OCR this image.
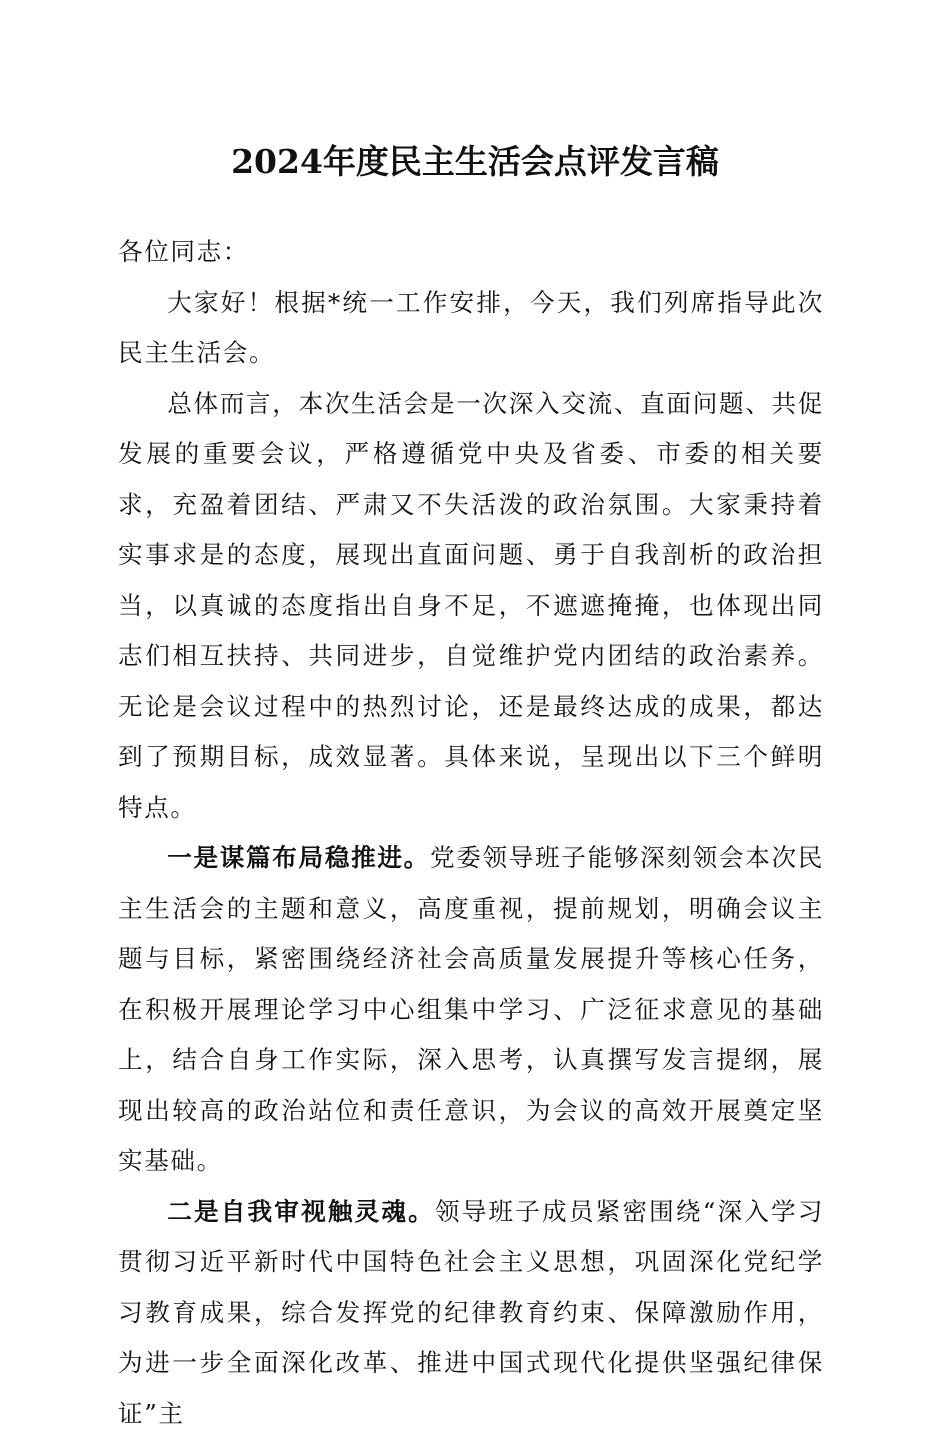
2024年度民主生活会点评发言稿

各位同志：

大家好！根据*统一工作安排，今天，我们列席指导此次民主生活会。

总体而言，本次生活会是一次深入交流、直面问题、共促发展的重要会议，严格遵循党中央及省委、市委的相关要求，充盈着团结、严肃又不失活泼的政治氛围。大家秉持着实事求是的态度，展现出直面问题、勇于自我剖析的政治担当，以真诚的态度指出自身不足，不遮遮掩掩，也体现出同志们相互扶持、共同进步，自觉维护党内团结的政治素养。无论是会议过程中的热烈讨论，还是最终达成的成果，都达到了预期目标，成效显著。具体来说，呈现出以下三个鲜明特点。

一是谋篇布局稳推进。党委领导班子能够深刻领会本次民主生活会的主题和意义，高度重视，提前规划，明确会议主题与目标，紧密围绕经济社会高质量发展提升等核心任务，在积极开展理论学习中心组集中学习、广泛征求意见的基础上，结合自身工作实际，深入思考，认真撰写发言提纲，展现出较高的政治站位和责任意识，为会议的高效开展奠定坚实基础。

二是自我审视触灵魂。领导班子成员紧密围绕“深入学习贯彻习近平新时代中国特色社会主义思想，巩固深化党纪学习教育成果，综合发挥党的纪律教育约束、保障激励作用，为进一步全面深化改革、推进中国式现代化提供坚强纪律保证”主
